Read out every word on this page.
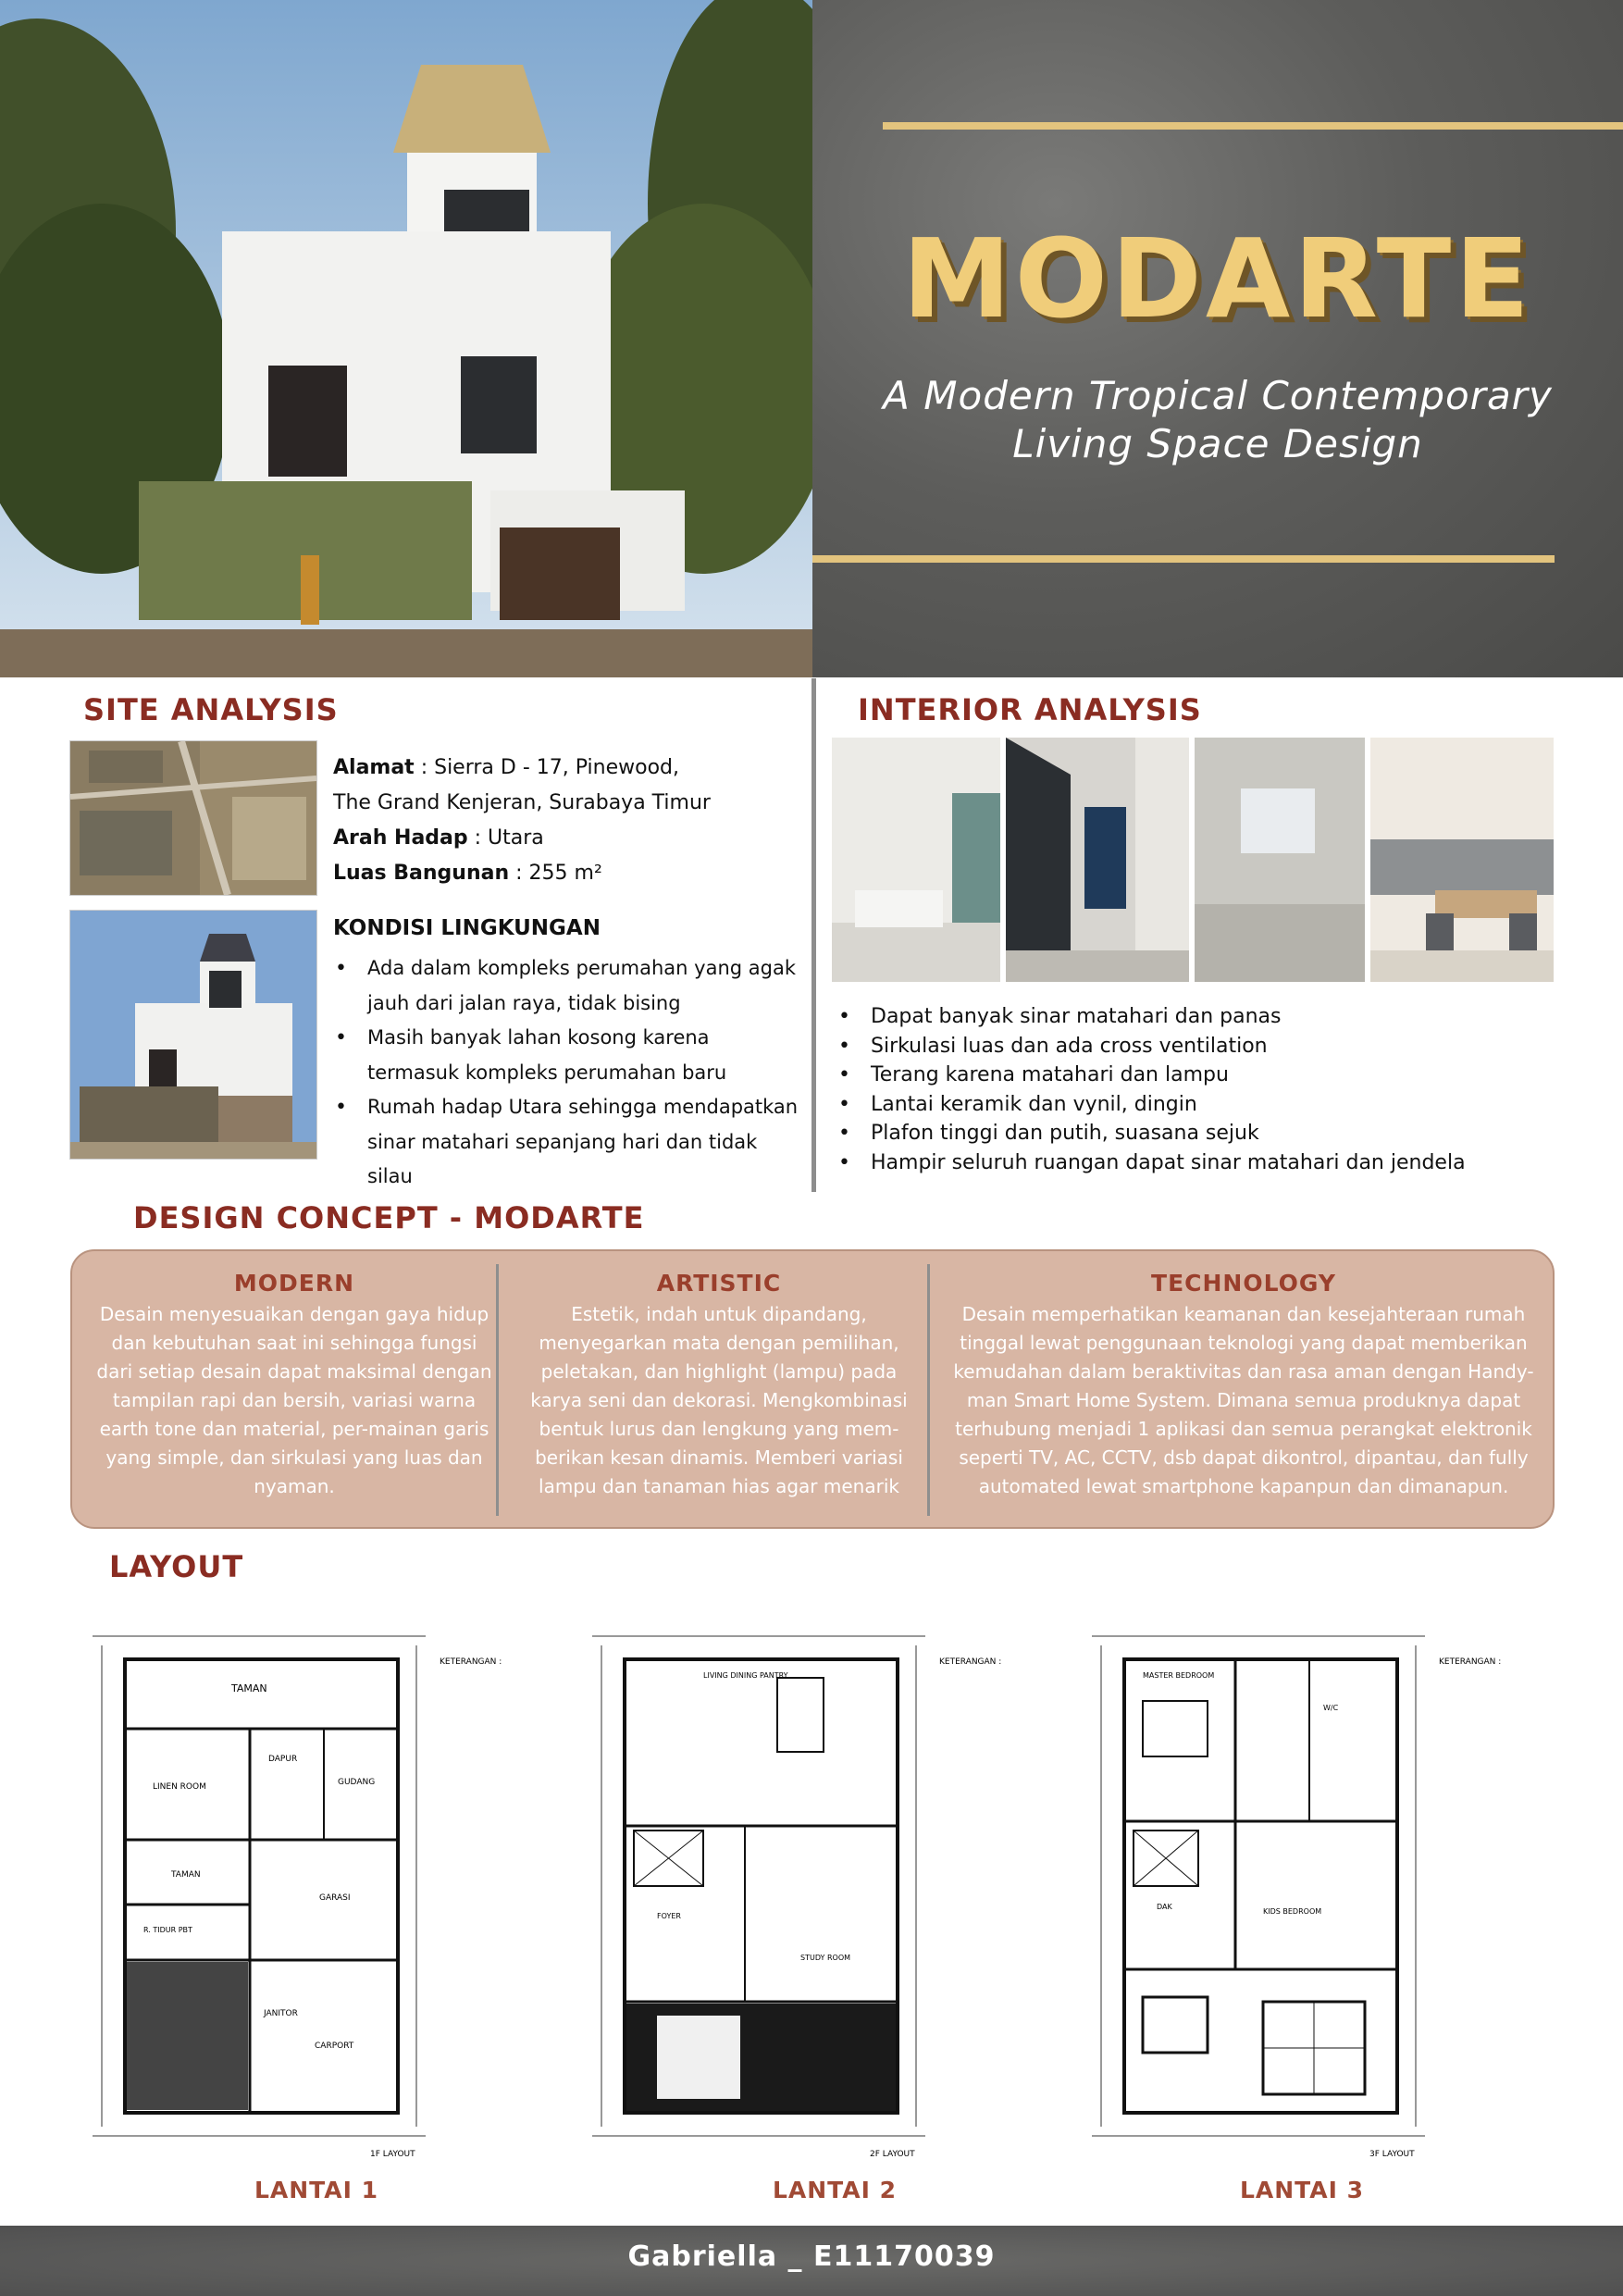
MODARTE
A Modern Tropical Contemporary
Living Space Design
SITE ANALYSIS
Alamat : Sierra D - 17, Pinewood,
The Grand Kenjeran, Surabaya Timur
Arah Hadap : Utara
Luas Bangunan : 255 m²
KONDISI LINGKUNGAN
• Ada dalam kompleks perumahan yang agak jauh dari jalan raya, tidak bising
• Masih banyak lahan kosong karena termasuk kompleks perumahan baru
• Rumah hadap Utara sehingga mendapatkan sinar matahari sepanjang hari dan tidak silau
INTERIOR ANALYSIS
• Dapat banyak sinar matahari dan panas
• Sirkulasi luas dan ada cross ventilation
• Terang karena matahari dan lampu
• Lantai keramik dan vynil, dingin
• Plafon tinggi dan putih, suasana sejuk
• Hampir seluruh ruangan dapat sinar matahari dan jendela
DESIGN CONCEPT - MODARTE
MODERN
Desain menyesuaikan dengan gaya hidup dan kebutuhan saat ini sehingga fungsi dari setiap desain dapat maksimal dengan tampilan rapi dan bersih, variasi warna earth tone dan material, per-mainan garis yang simple, dan sirkulasi yang luas dan nyaman.
ARTISTIC
Estetik, indah untuk dipandang, menyegarkan mata dengan pemilihan, peletakan, dan highlight (lampu) pada karya seni dan dekorasi. Mengkombinasi bentuk lurus dan lengkung yang mem-berikan kesan dinamis. Memberi variasi lampu dan tanaman hias agar menarik
TECHNOLOGY
Desain memperhatikan keamanan dan kesejahteraan rumah tinggal lewat penggunaan teknologi yang dapat memberikan kemudahan dalam beraktivitas dan rasa aman dengan Handy-man Smart Home System. Dimana semua produknya dapat terhubung menjadi 1 aplikasi dan semua perangkat elektronik seperti TV, AC, CCTV, dsb dapat dikontrol, dipantau, dan fully automated lewat smartphone kapanpun dan dimanapun.
LAYOUT
TAMAN
LINEN ROOM
DAPUR
GUDANG
TAMAN
GARASI
R. TIDUR PBT
JANITOR
CARPORT
KETERANGAN :
1F LAYOUT
LIVING DINING PANTRY
FOYER
STUDY ROOM
KETERANGAN :
2F LAYOUT
MASTER BEDROOM
W/C
KIDS BEDROOM
DAK
KETERANGAN :
3F LAYOUT
LANTAI 1	LANTAI 2	LANTAI 3
Gabriella _ E11170039
